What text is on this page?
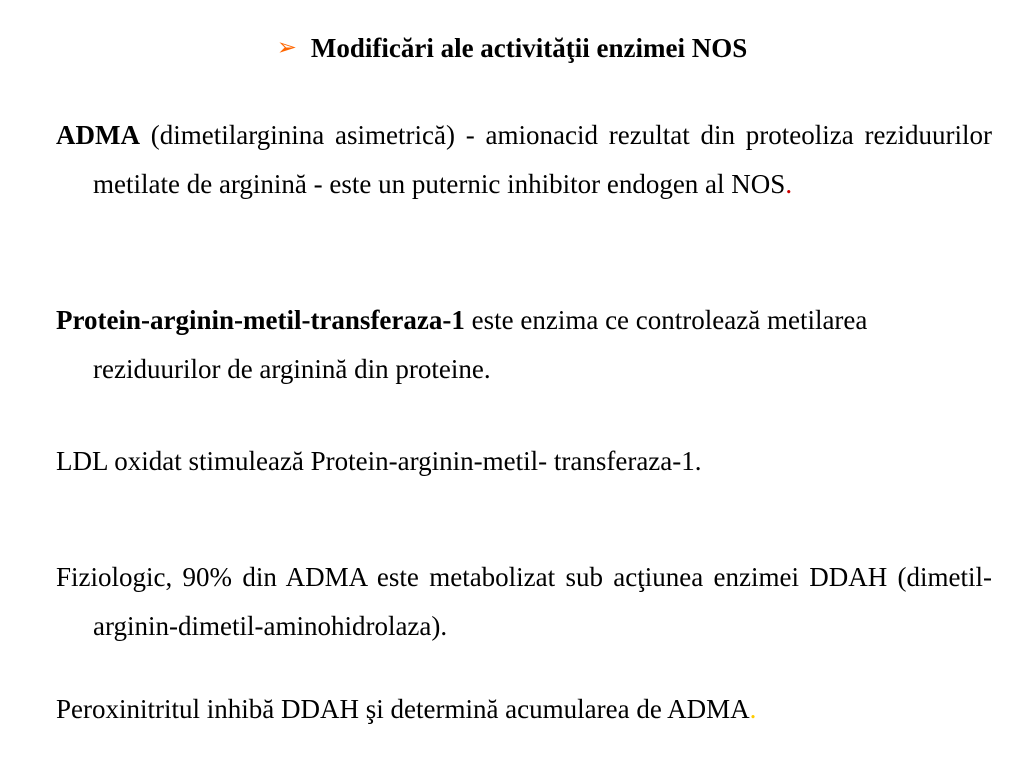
➢ Modificări ale activităţii enzimei NOS
ADMA (dimetilarginina asimetrică) - amionacid rezultat din proteoliza reziduurilor metilate de arginină - este un puternic inhibitor endogen al NOS.
Protein-arginin-metil-transferaza-1 este enzima ce controlează metilarea reziduurilor de arginină din proteine.
LDL oxidat stimulează Protein-arginin-metil- transferaza-1.
Fiziologic, 90% din ADMA este metabolizat sub acţiunea enzimei DDAH (dimetil-arginin-dimetil-aminohidrolaza).
Peroxinitritul inhibă DDAH şi determină acumularea de ADMA.
